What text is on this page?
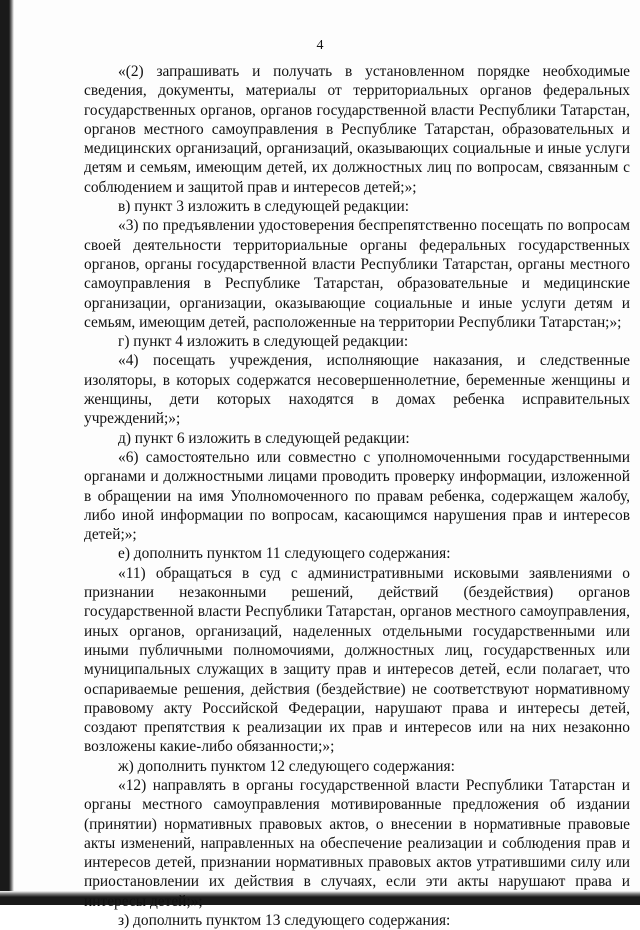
4

«(2) запрашивать и получать в установленном порядке необходимые сведения, документы, материалы от территориальных органов федеральных государственных органов, органов государственной власти Республики Татарстан, органов местного самоуправления в Республике Татарстан, образовательных и медицинских организаций, организаций, оказывающих социальные и иные услуги детям и семьям, имеющим детей, их должностных лиц по вопросам, связанным с соблюдением и защитой прав и интересов детей;»;

в) пункт 3 изложить в следующей редакции:

«3) по предъявлении удостоверения беспрепятственно посещать по вопросам своей деятельности территориальные органы федеральных государственных органов, органы государственной власти Республики Татарстан, органы местного самоуправления в Республике Татарстан, образовательные и медицинские организации, организации, оказывающие социальные и иные услуги детям и семьям, имеющим детей, расположенные на территории Республики Татарстан;»;

г) пункт 4 изложить в следующей редакции:

«4) посещать учреждения, исполняющие наказания, и следственные изоляторы, в которых содержатся несовершеннолетние, беременные женщины и женщины, дети которых находятся в домах ребенка исправительных учреждений;»;

д) пункт 6 изложить в следующей редакции:

«6) самостоятельно или совместно с уполномоченными государственными органами и должностными лицами проводить проверку информации, изложенной в обращении на имя Уполномоченного по правам ребенка, содержащем жалобу, либо иной информации по вопросам, касающимся нарушения прав и интересов детей;»;

е) дополнить пунктом 11 следующего содержания:

«11) обращаться в суд с административными исковыми заявлениями о признании незаконными решений, действий (бездействия) органов государственной власти Республики Татарстан, органов местного самоуправления, иных органов, организаций, наделенных отдельными государственными или иными публичными полномочиями, должностных лиц, государственных или муниципальных служащих в защиту прав и интересов детей, если полагает, что оспариваемые решения, действия (бездействие) не соответствуют нормативному правовому акту Российской Федерации, нарушают права и интересы детей, создают препятствия к реализации их прав и интересов или на них незаконно возложены какие-либо обязанности;»;

ж) дополнить пунктом 12 следующего содержания:

«12) направлять в органы государственной власти Республики Татарстан и органы местного самоуправления мотивированные предложения об издании (принятии) нормативных правовых актов, о внесении в нормативные правовые акты изменений, направленных на обеспечение реализации и соблюдения прав и интересов детей, признании нормативных правовых актов утратившими силу или приостановлении их действия в случаях, если эти акты нарушают права и интересы детей;»;

з) дополнить пунктом 13 следующего содержания:
